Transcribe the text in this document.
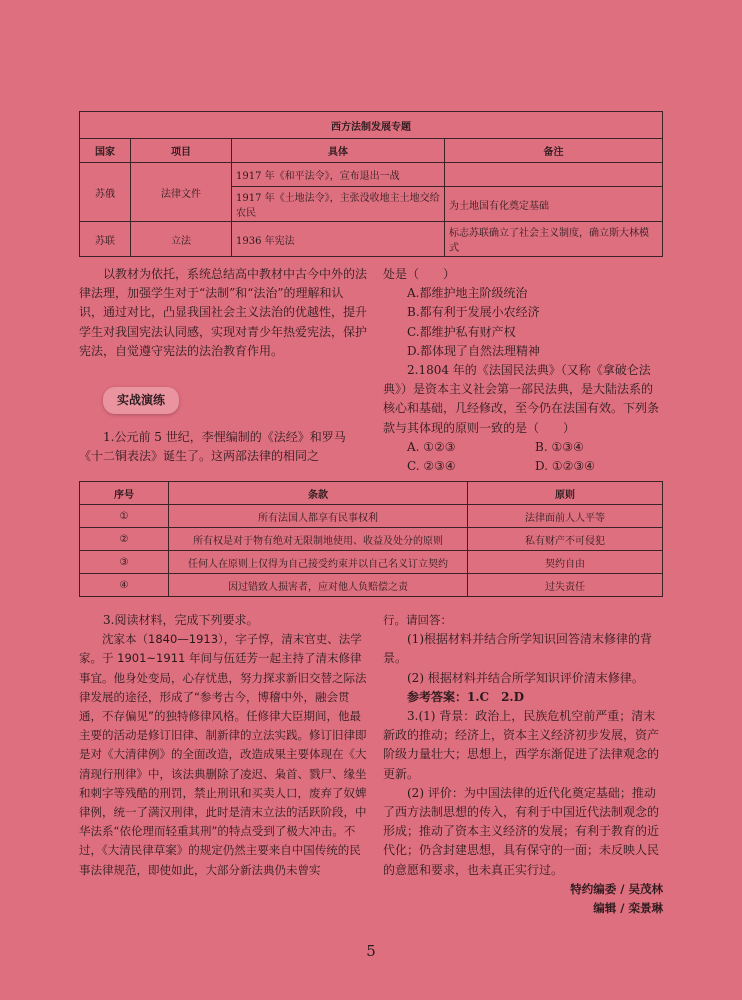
西方法制发展专题			
国家	项目	具体	备注
苏俄	法律文件	1917 年《和平法令》，宣布退出一战	
		1917 年《土地法令》，主张没收地主土地交给农民	为土地国有化奠定基础
苏联	立法	1936 年宪法	标志苏联确立了社会主义制度，确立斯大林模式

以教材为依托，系统总结高中教材中古今中外的法律法理，加强学生对于“法制”和“法治”的理解和认识，通过对比，凸显我国社会主义法治的优越性，提升学生对我国宪法认同感，实现对青少年热爱宪法，保护宪法，自觉遵守宪法的法治教育作用。

实战演练

1.公元前 5 世纪，李悝编制的《法经》和罗马《十二铜表法》诞生了。这两部法律的相同之

处是（　　）

A.都维护地主阶级统治

B.都有利于发展小农经济

C.都维护私有财产权

D.都体现了自然法理精神

2.1804 年的《法国民法典》（又称《拿破仑法典》）是资本主义社会第一部民法典，是大陆法系的核心和基础，几经修改，至今仍在法国有效。下列条款与其体现的原则一致的是（　　）

A. ①②③	B. ①③④
C. ②③④	D. ①②③④
序号	条款	原则
①	所有法国人都享有民事权利	法律面前人人平等
②	所有权是对于物有绝对无限制地使用、收益及处分的原则	私有财产不可侵犯
③	任何人在原则上仅得为自己接受约束并以自己名义订立契约	契约自由
④	因过错致人损害者，应对他人负赔偿之责	过失责任

3.阅读材料，完成下列要求。

沈家本（1840—1913），字子惇，清末官吏、法学家。于 1901~1911 年间与伍廷芳一起主持了清末修律事宜。他身处变局，心存忧患，努力探求新旧交替之际法律发展的途径，形成了“参考古今，博稽中外，融会贯通，不存偏见”的独特修律风格。任修律大臣期间，他最主要的活动是修订旧律、制新律的立法实践。修订旧律即是对《大清律例》的全面改造，改造成果主要体现在《大清现行刑律》中，该法典删除了凌迟、枭首、戮尸、缘坐和刺字等残酷的刑罚，禁止刑讯和买卖人口，废弃了奴婢律例，统一了满汉刑律，此时是清末立法的活跃阶段，中华法系“依伦理而轻重其刑”的特点受到了极大冲击。不过，《大清民律草案》的规定仍然主要来自中国传统的民事法律规范，即使如此，大部分新法典仍未曾实

行。请回答：

(1)根据材料并结合所学知识回答清末修律的背景。

(2) 根据材料并结合所学知识评价清末修律。

参考答案：1.C　2.D

3.(1) 背景：政治上，民族危机空前严重；清末新政的推动；经济上，资本主义经济初步发展，资产阶级力量壮大；思想上，西学东渐促进了法律观念的更新。

(2) 评价：为中国法律的近代化奠定基础；推动了西方法制思想的传入，有利于中国近代法制观念的形成；推动了资本主义经济的发展；有利于教育的近代化；仍含封建思想，具有保守的一面；未反映人民的意愿和要求，也未真正实行过。

特约编委 / 吴茂林

编辑 / 栾景琳

5
